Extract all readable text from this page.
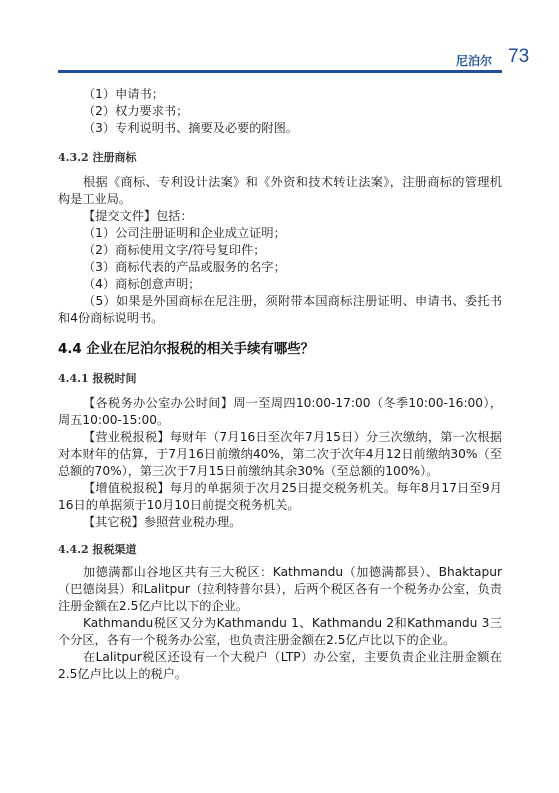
尼泊尔 73

（1）申请书；

（2）权力要求书；

（3）专利说明书、摘要及必要的附图。

4.3.2 注册商标

根据《商标、专利设计法案》和《外资和技术转让法案》，注册商标的管理机构是工业局。

【提交文件】包括：

（1）公司注册证明和企业成立证明；

（2）商标使用文字/符号复印件；

（3）商标代表的产品或服务的名字；

（4）商标创意声明；

（5）如果是外国商标在尼注册，须附带本国商标注册证明、申请书、委托书和4份商标说明书。

4.4 企业在尼泊尔报税的相关手续有哪些？

4.4.1 报税时间

【各税务办公室办公时间】周一至周四10:00-17:00（冬季10:00-16:00），周五10:00-15:00。

【营业税报税】每财年（7月16日至次年7月15日）分三次缴纳，第一次根据对本财年的估算，于7月16日前缴纳40%，第二次于次年4月12日前缴纳30%（至总额的70%），第三次于7月15日前缴纳其余30%（至总额的100%）。

【增值税报税】每月的单据须于次月25日提交税务机关。每年8月17日至9月16日的单据须于10月10日前提交税务机关。

【其它税】参照营业税办理。

4.4.2 报税渠道

加德满都山谷地区共有三大税区：Kathmandu（加德满都县）、Bhaktapur（巴德岗县）和Lalitpur（拉利特普尔县），后两个税区各有一个税务办公室，负责注册金额在2.5亿卢比以下的企业。

Kathmandu税区又分为Kathmandu 1、Kathmandu 2和Kathmandu 3三个分区，各有一个税务办公室，也负责注册金额在2.5亿卢比以下的企业。

在Lalitpur税区还设有一个大税户（LTP）办公室，主要负责企业注册金额在2.5亿卢比以上的税户。
